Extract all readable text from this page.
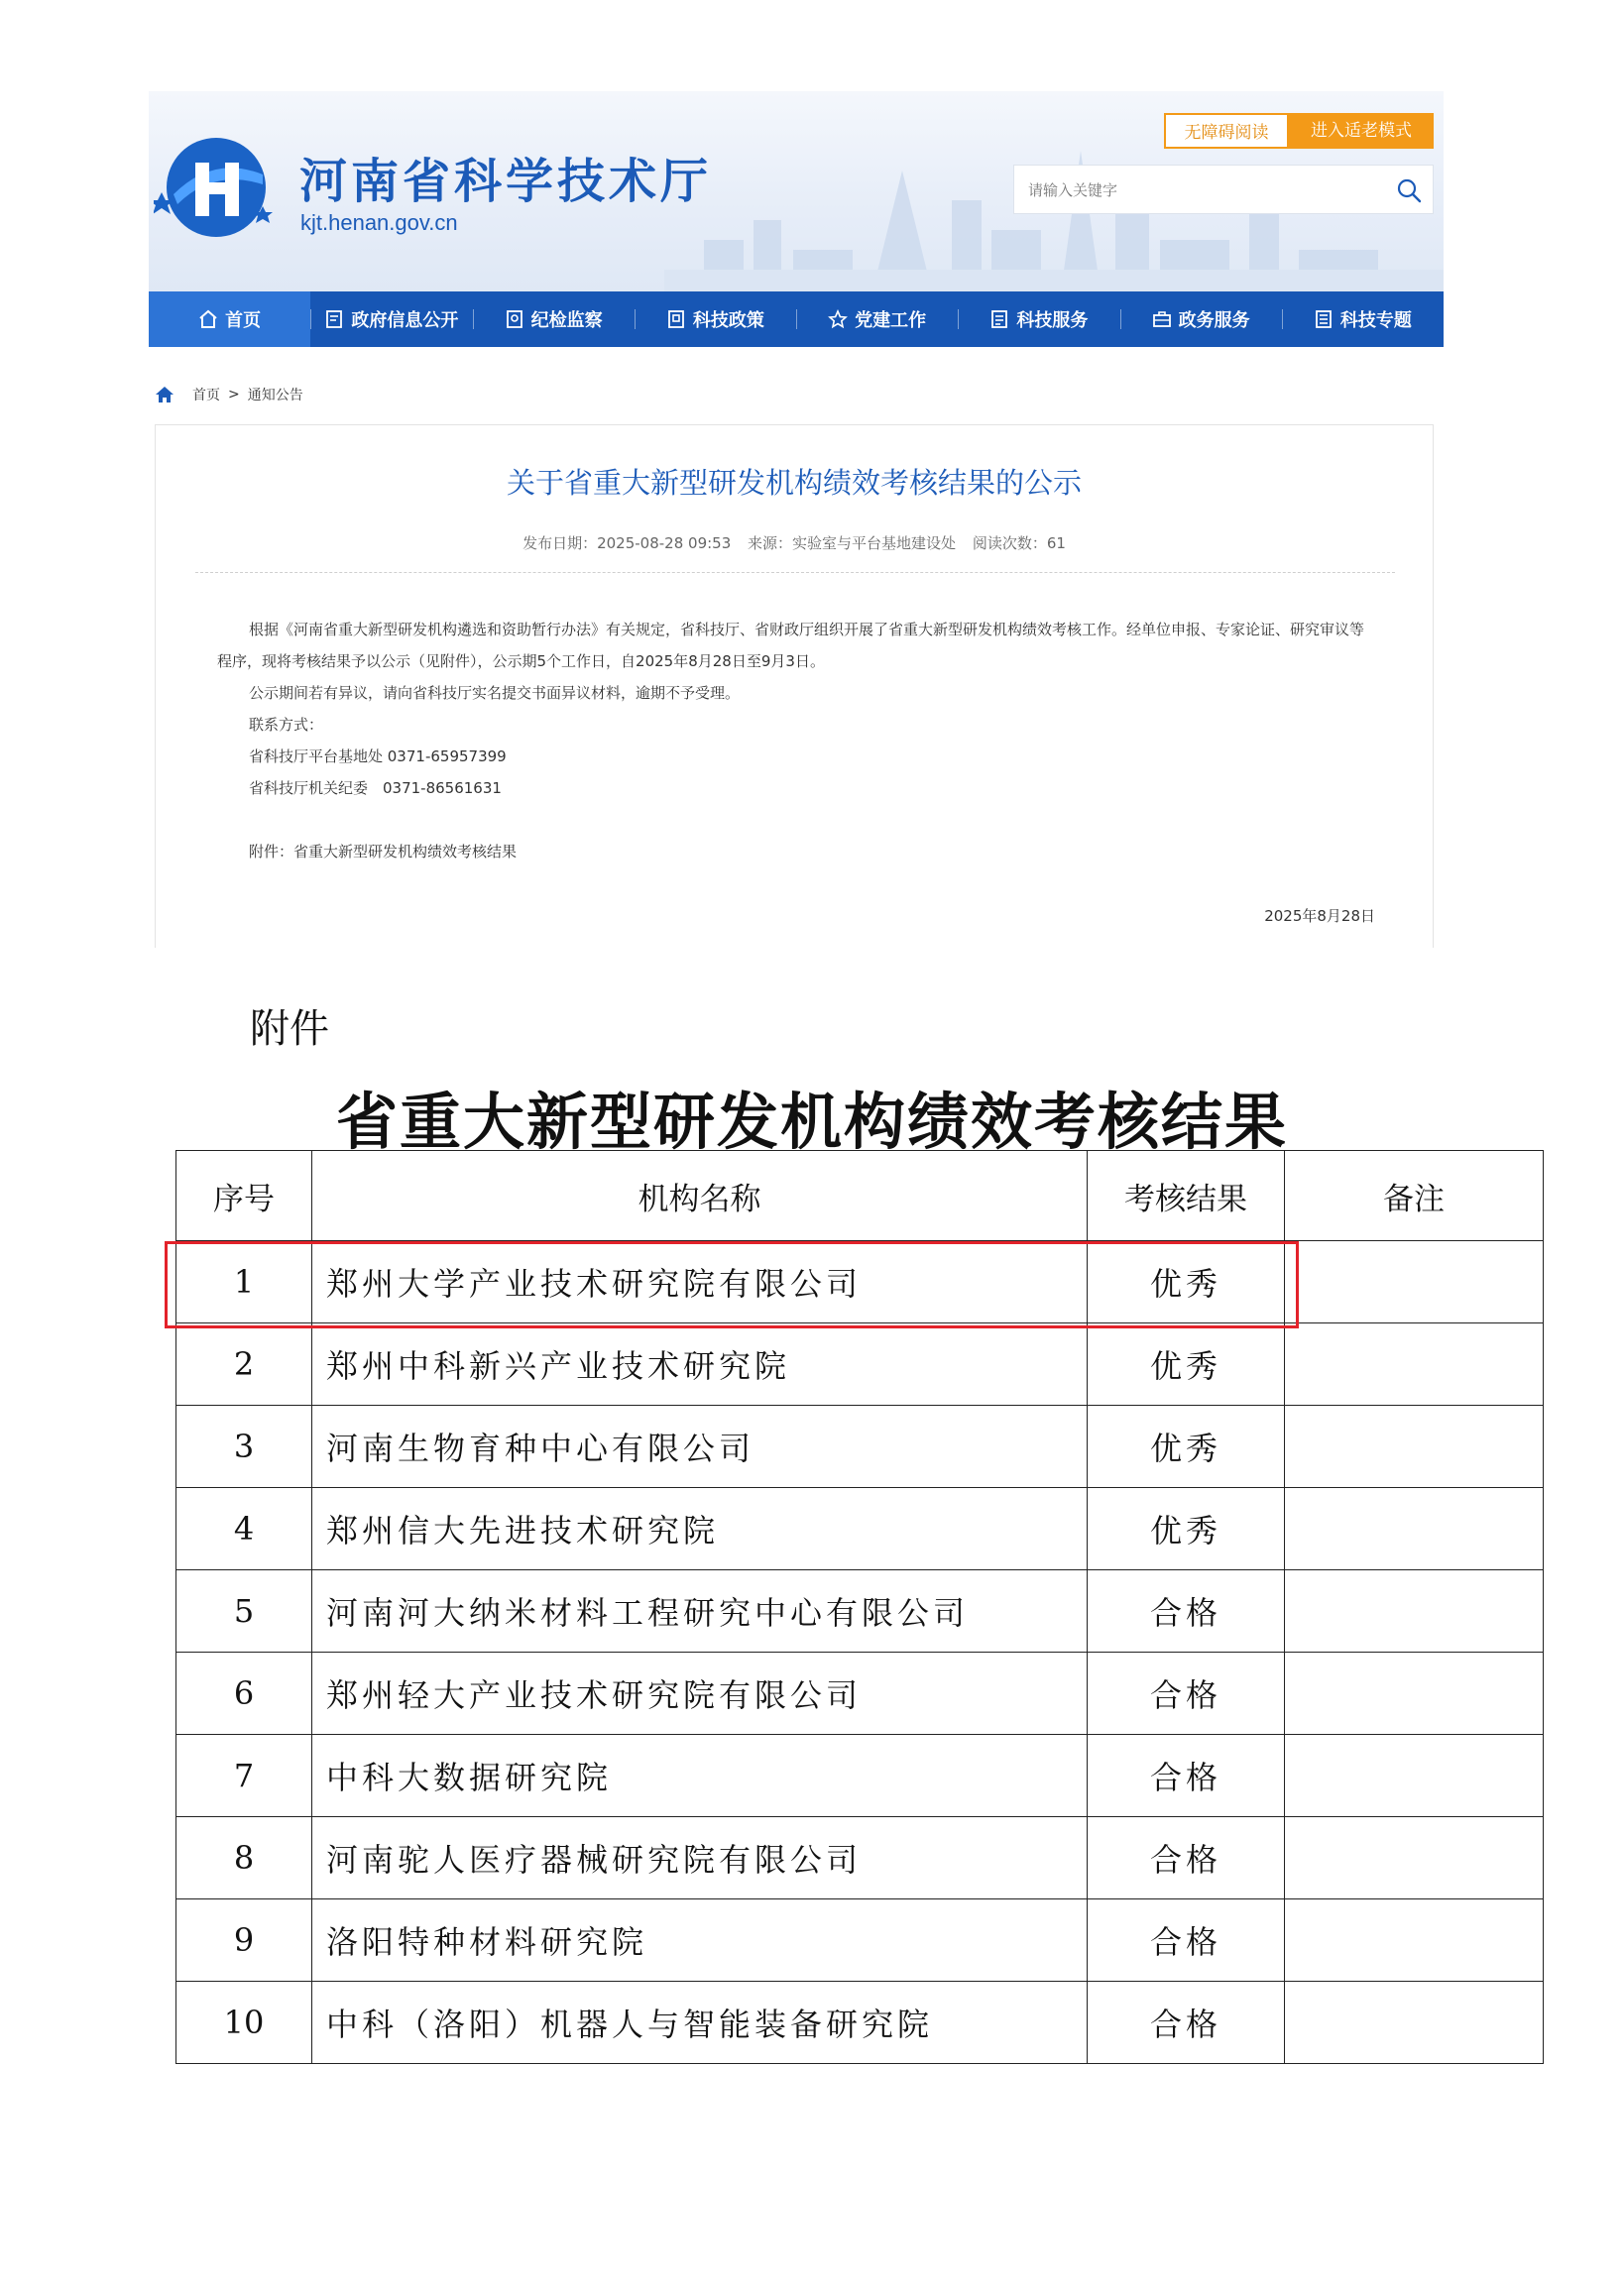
河南省科学技术厅
kjt.henan.gov.cn
无障碍阅读	进入适老模式
请输入关键字
首页	政府信息公开	纪检监察	科技政策	党建工作	科技服务	政务服务	科技专题
首页 > 通知公告
关于省重大新型研发机构绩效考核结果的公示
发布日期：2025-08-28 09:53 来源：实验室与平台基地建设处 阅读次数：61

根据《河南省重大新型研发机构遴选和资助暂行办法》有关规定，省科技厅、省财政厅组织开展了省重大新型研发机构绩效考核工作。经单位申报、专家论证、研究审议等程序，现将考核结果予以公示（见附件），公示期5个工作日，自2025年8月28日至9月3日。

公示期间若有异议，请向省科技厅实名提交书面异议材料，逾期不予受理。

联系方式：

省科技厅平台基地处 0371-65957399

省科技厅机关纪委　0371-86561631

附件：省重大新型研发机构绩效考核结果

2025年8月28日
附件
省重大新型研发机构绩效考核结果
序号	机构名称	考核结果	备注
1	郑州大学产业技术研究院有限公司	优秀	
2	郑州中科新兴产业技术研究院	优秀	
3	河南生物育种中心有限公司	优秀	
4	郑州信大先进技术研究院	优秀	
5	河南河大纳米材料工程研究中心有限公司	合格	
6	郑州轻大产业技术研究院有限公司	合格	
7	中科大数据研究院	合格	
8	河南驼人医疗器械研究院有限公司	合格	
9	洛阳特种材料研究院	合格	
10	中科（洛阳）机器人与智能装备研究院	合格	
